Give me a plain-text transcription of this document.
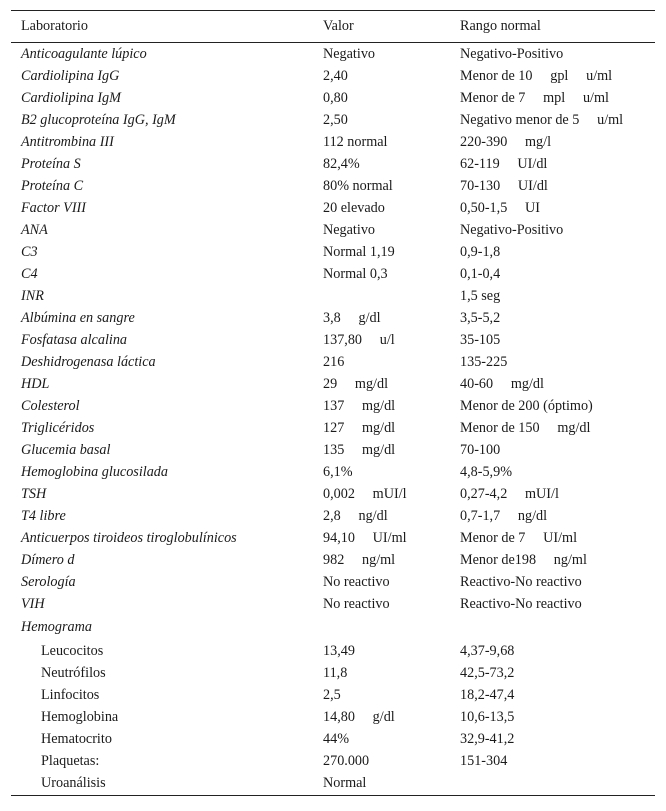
Laboratorio	Valor	Rango normal

Anticoagulante lúpico	Negativo	Negativo-Positivo
Cardiolipina IgG	2,40	Menor de 10  gpl  u/ml
Cardiolipina IgM	0,80	Menor de 7  mpl  u/ml
B2 glucoproteína IgG, IgM	2,50	Negativo menor de 5  u/ml
Antitrombina III	112 normal	220-390  mg/l
Proteína S	82,4%	62-119  UI/dl
Proteína C	80% normal	70-130  UI/dl
Factor VIII	20 elevado	0,50-1,5  UI
ANA	Negativo	Negativo-Positivo
C3	Normal 1,19	0,9-1,8
C4	Normal 0,3	0,1-0,4
INR		1,5 seg
Albúmina en sangre	3,8  g/dl	3,5-5,2
Fosfatasa alcalina	137,80  u/l	35-105
Deshidrogenasa láctica	216	135-225
HDL	29  mg/dl	40-60  mg/dl
Colesterol	137  mg/dl	Menor de 200 (óptimo)
Triglicéridos	127  mg/dl	Menor de 150  mg/dl
Glucemia basal	135  mg/dl	70-100
Hemoglobina glucosilada	6,1%	4,8-5,9%
TSH	0,002  mUI/l	0,27-4,2  mUI/l
T4 libre	2,8  ng/dl	0,7-1,7  ng/dl
Anticuerpos tiroideos tiroglobulínicos	94,10  UI/ml	Menor de 7  UI/ml
Dímero d	982  ng/ml	Menor de198  ng/ml
Serología	No reactivo	Reactivo-No reactivo
VIH	No reactivo	Reactivo-No reactivo
Hemograma		
Leucocitos	13,49	4,37-9,68
Neutrófilos	11,8	42,5-73,2
Linfocitos	2,5	18,2-47,4
Hemoglobina	14,80  g/dl	10,6-13,5
Hematocrito	44%	32,9-41,2
Plaquetas:	270.000	151-304
Uroanálisis	Normal	
